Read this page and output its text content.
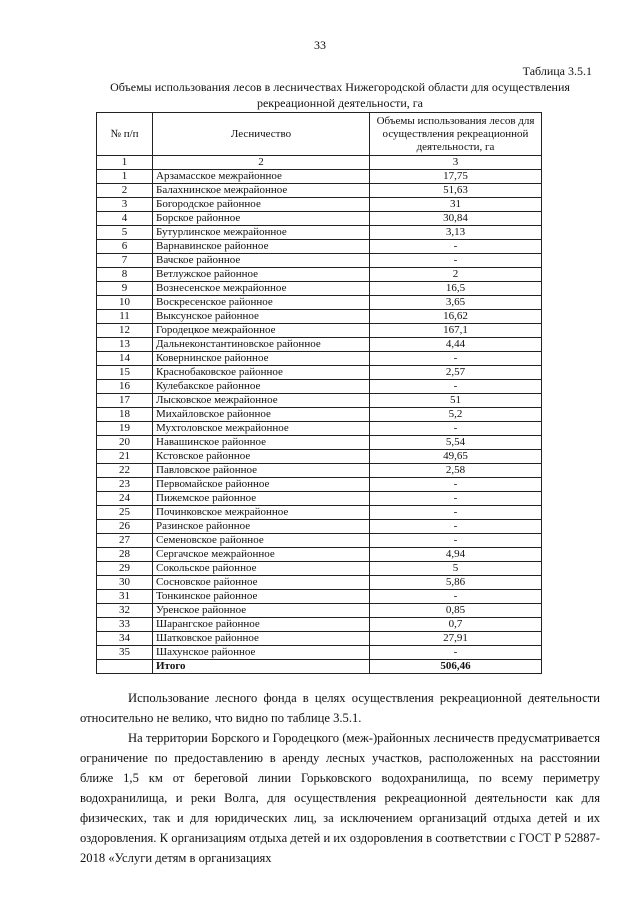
33
Таблица 3.5.1
Объемы использования лесов в лесничествах Нижегородской области для осуществления рекреационной деятельности, га
№ п/п	Лесничество	Объемы использования лесов для осуществления рекреационной деятельности, га
1	2	3
1	Арзамасское межрайонное	17,75
2	Балахнинское межрайонное	51,63
3	Богородское районное	31
4	Борское районное	30,84
5	Бутурлинское межрайонное	3,13
6	Варнавинское районное	-
7	Вачское районное	-
8	Ветлужское районное	2
9	Вознесенское межрайонное	16,5
10	Воскресенское районное	3,65
11	Выксунское районное	16,62
12	Городецкое межрайонное	167,1
13	Дальнеконстантиновское районное	4,44
14	Ковернинское районное	-
15	Краснобаковское районное	2,57
16	Кулебакское районное	-
17	Лысковское межрайонное	51
18	Михайловское районное	5,2
19	Мухтоловское межрайонное	-
20	Навашинское районное	5,54
21	Кстовское районное	49,65
22	Павловское районное	2,58
23	Первомайское районное	-
24	Пижемское районное	-
25	Починковское межрайонное	-
26	Разинское районное	-
27	Семеновское районное	-
28	Сергачское межрайонное	4,94
29	Сокольское районное	5
30	Сосновское районное	5,86
31	Тонкинское районное	-
32	Уренское районное	0,85
33	Шарангское районное	0,7
34	Шатковское районное	27,91
35	Шахунское районное	-
	Итого	506,46

Использование лесного фонда в целях осуществления рекреационной деятельности относительно не велико, что видно по таблице 3.5.1.

На территории Борского и Городецкого (меж-)районных лесничеств предусматривается ограничение по предоставлению в аренду лесных участков, расположенных на расстоянии ближе 1,5 км от береговой линии Горьковского водохранилища, по всему периметру водохранилища, и реки Волга, для осуществления рекреационной деятельности как для физических, так и для юридических лиц, за исключением организаций отдыха детей и их оздоровления. К организациям отдыха детей и их оздоровления в соответствии с ГОСТ Р 52887-2018 «Услуги детям в организациях
